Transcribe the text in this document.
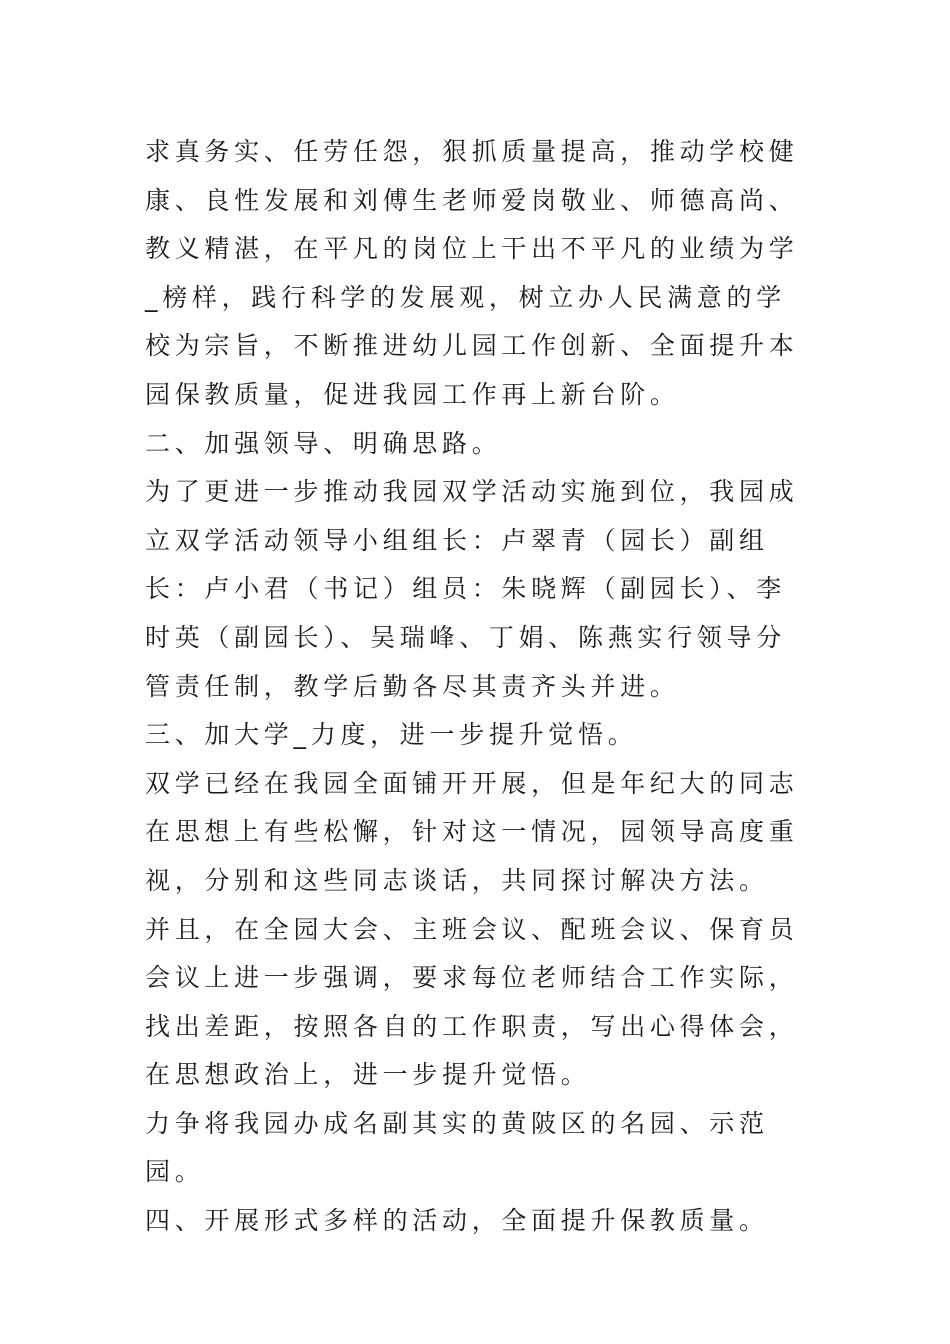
求真务实、任劳任怨，狠抓质量提高，推动学校健康、良性发展和刘傅生老师爱岗敬业、师德高尚、教义精湛，在平凡的岗位上干出不平凡的业绩为学_榜样，践行科学的发展观，树立办人民满意的学校为宗旨，不断推进幼儿园工作创新、全面提升本园保教质量，促进我园工作再上新台阶。

二、加强领导、明确思路。

为了更进一步推动我园双学活动实施到位，我园成立双学活动领导小组组长：卢翠青（园长）副组长：卢小君（书记）组员：朱晓辉（副园长）、李时英（副园长）、吴瑞峰、丁娟、陈燕实行领导分管责任制，教学后勤各尽其责齐头并进。

三、加大学_力度，进一步提升觉悟。

双学已经在我园全面铺开开展，但是年纪大的同志在思想上有些松懈，针对这一情况，园领导高度重视，分别和这些同志谈话，共同探讨解决方法。

并且，在全园大会、主班会议、配班会议、保育员会议上进一步强调，要求每位老师结合工作实际，找出差距，按照各自的工作职责，写出心得体会，在思想政治上，进一步提升觉悟。

力争将我园办成名副其实的黄陂区的名园、示范园。

四、开展形式多样的活动，全面提升保教质量。
